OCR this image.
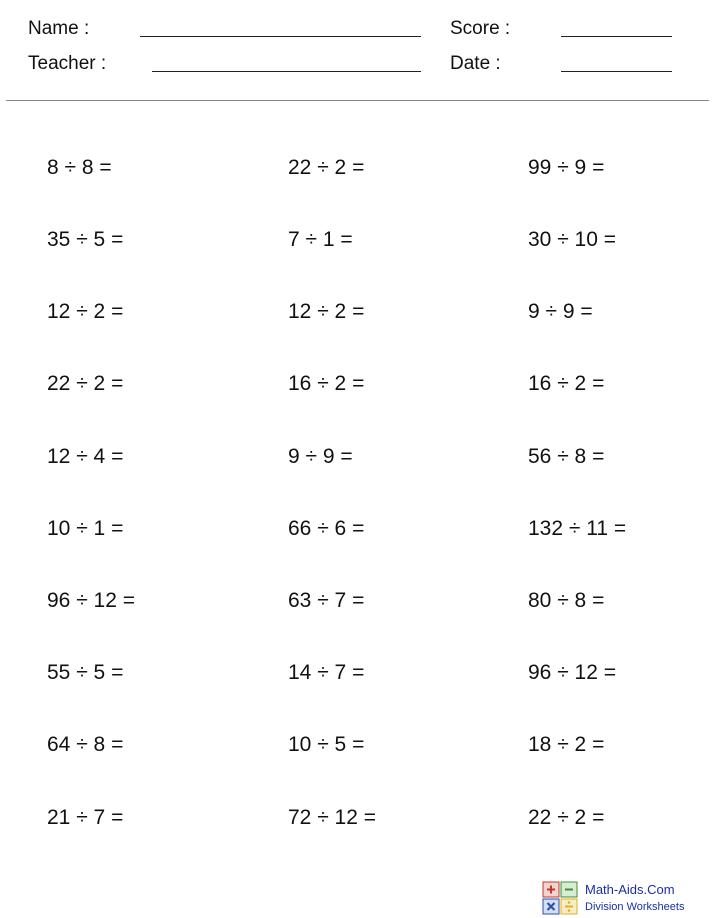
Name :
Teacher :
Score :
Date :
8 ÷ 8 =	22 ÷ 2 =	99 ÷ 9 =
35 ÷ 5 =	7 ÷ 1 =	30 ÷ 10 =
12 ÷ 2 =	12 ÷ 2 =	9 ÷ 9 =
22 ÷ 2 =	16 ÷ 2 =	16 ÷ 2 =
12 ÷ 4 =	9 ÷ 9 =	56 ÷ 8 =
10 ÷ 1 =	66 ÷ 6 =	132 ÷ 11 =
96 ÷ 12 =	63 ÷ 7 =	80 ÷ 8 =
55 ÷ 5 =	14 ÷ 7 =	96 ÷ 12 =
64 ÷ 8 =	10 ÷ 5 =	18 ÷ 2 =
21 ÷ 7 =	72 ÷ 12 =	22 ÷ 2 =
Math-Aids.Com
Division Worksheets
